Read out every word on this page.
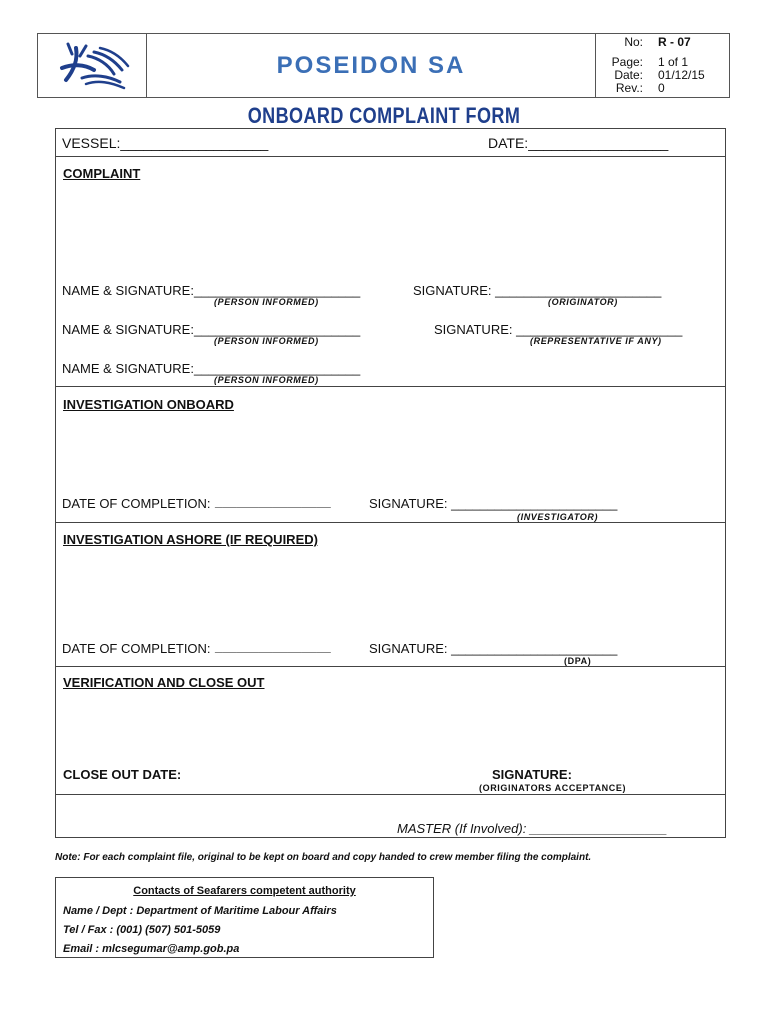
POSEIDON SA
No: R - 07
Page: 1 of 1
Date: 01/12/15
Rev.: 0
ONBOARD COMPLAINT FORM
VESSEL:___________________	DATE:__________________
COMPLAINT
NAME & SIGNATURE:_______________________
(PERSON INFORMED)
SIGNATURE: _______________________
(ORIGINATOR)
NAME & SIGNATURE:_______________________
(PERSON INFORMED)
SIGNATURE: _______________________
(REPRESENTATIVE IF ANY)
NAME & SIGNATURE:_______________________
(PERSON INFORMED)
INVESTIGATION ONBOARD
DATE OF COMPLETION: ________________	SIGNATURE: _______________________
(INVESTIGATOR)
INVESTIGATION ASHORE (IF REQUIRED)
DATE OF COMPLETION: ________________	SIGNATURE: _______________________
(DPA)
VERIFICATION AND CLOSE OUT
CLOSE OUT DATE:	SIGNATURE:
(ORIGINATORS ACCEPTANCE)
MASTER (If Involved): ___________________
Note: For each complaint file, original to be kept on board and copy handed to crew member filing the complaint.
Contacts of Seafarers competent authority
Name / Dept : Department of Maritime Labour Affairs
Tel / Fax : (001) (507) 501-5059
Email : mlcsegumar@amp.gob.pa
